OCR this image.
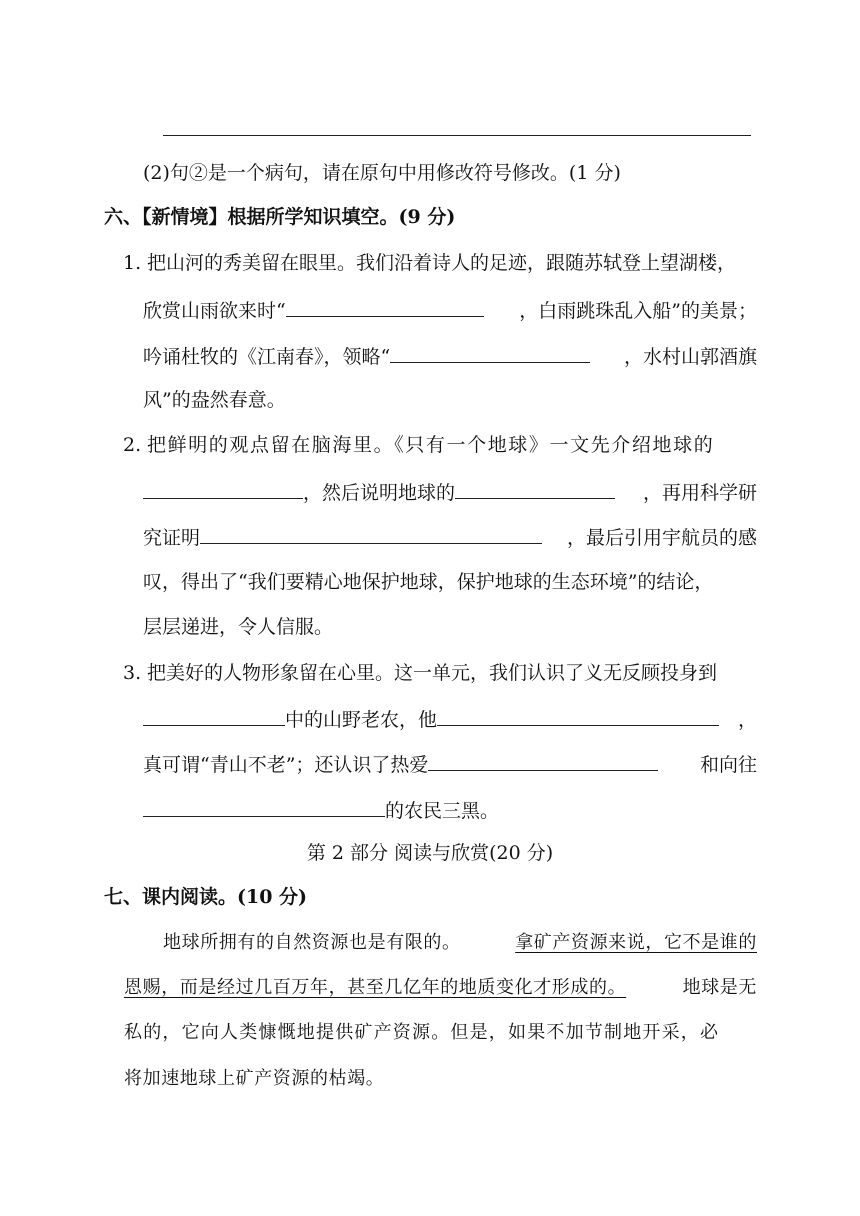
(2)句②是一个病句，请在原句中用修改符号修改。(1 分)
六、【新情境】根据所学知识填空。(9 分)
1. 把山河的秀美留在眼里。我们沿着诗人的足迹，跟随苏轼登上望湖楼，
欣赏山雨欲来时“	，白雨跳珠乱入船”的美景；
吟诵杜牧的《江南春》，领略“	，水村山郭酒旗
风”的盎然春意。
2. 把鲜明的观点留在脑海里。《只有一个地球》一文先介绍地球的
，然后说明地球的	，再用科学研
究证明	，最后引用宇航员的感
叹，得出了“我们要精心地保护地球，保护地球的生态环境”的结论，
层层递进，令人信服。
3. 把美好的人物形象留在心里。这一单元，我们认识了义无反顾投身到
中的山野老农，他	，
真可谓“青山不老”；还认识了热爱	和向往
的农民三黑。
第 2 部分 阅读与欣赏(20 分)
七、课内阅读。(10 分)
地球所拥有的自然资源也是有限的。	拿矿产资源来说，它不是谁的
恩赐，而是经过几百万年，甚至几亿年的地质变化才形成的。	地球是无
私的，它向人类慷慨地提供矿产资源。但是，如果不加节制地开采，必
将加速地球上矿产资源的枯竭。
